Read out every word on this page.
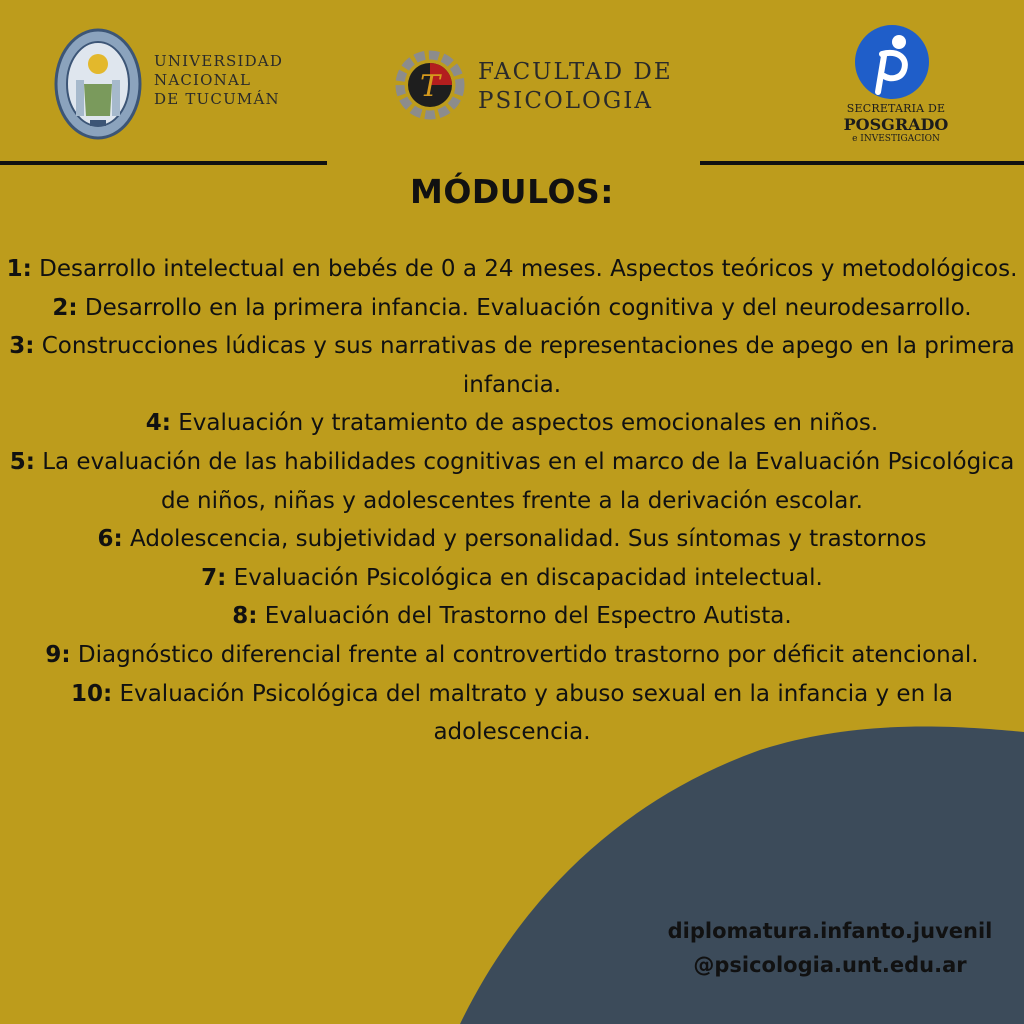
UNIVERSIDAD
NACIONAL
DE TUCUMÁN	T FACULTAD DE
PSICOLOGIA	SECRETARIA DE
POSGRADO
e INVESTIGACION
MÓDULOS:
1: Desarrollo intelectual en bebés de 0 a 24 meses. Aspectos teóricos y metodológicos.
2: Desarrollo en la primera infancia. Evaluación cognitiva y del neurodesarrollo.
3: Construcciones lúdicas y sus narrativas de representaciones de apego en la primera infancia.
4: Evaluación y tratamiento de aspectos emocionales en niños.
5: La evaluación de las habilidades cognitivas en el marco de la Evaluación Psicológica de niños, niñas y adolescentes frente a la derivación escolar.
6: Adolescencia, subjetividad y personalidad. Sus síntomas y trastornos
7: Evaluación Psicológica en discapacidad intelectual.
8: Evaluación del Trastorno del Espectro Autista.
9: Diagnóstico diferencial frente al controvertido trastorno por déficit atencional.
10: Evaluación Psicológica del maltrato y abuso sexual en la infancia y en la adolescencia.
diplomatura.infanto.juvenil
@psicologia.unt.edu.ar
